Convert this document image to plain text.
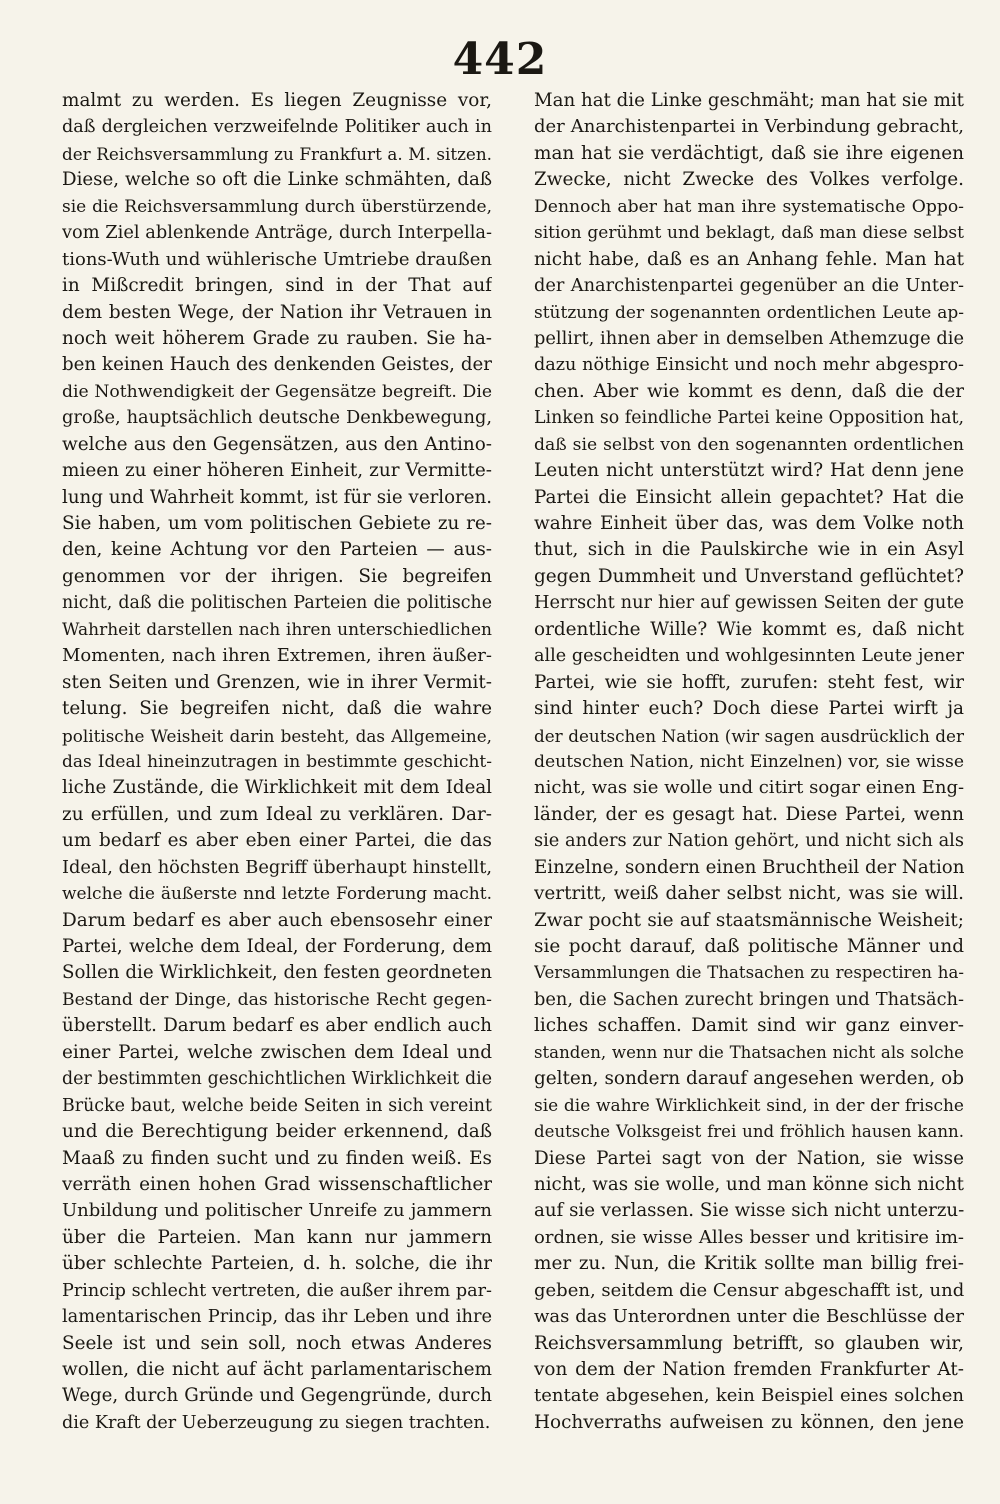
442
malmt zu werden. Es liegen Zeugnisse vor,
daß dergleichen verzweifelnde Politiker auch in
der Reichsversammlung zu Frankfurt a. M. sitzen.
Diese, welche so oft die Linke schmähten, daß
sie die Reichsversammlung durch überstürzende,
vom Ziel ablenkende Anträge, durch Interpella-
tions-Wuth und wühlerische Umtriebe draußen
in Mißcredit bringen, sind in der That auf
dem besten Wege, der Nation ihr Vetrauen in
noch weit höherem Grade zu rauben. Sie ha-
ben keinen Hauch des denkenden Geistes, der
die Nothwendigkeit der Gegensätze begreift. Die
große, hauptsächlich deutsche Denkbewegung,
welche aus den Gegensätzen, aus den Antino-
mieen zu einer höheren Einheit, zur Vermitte-
lung und Wahrheit kommt, ist für sie verloren.
Sie haben, um vom politischen Gebiete zu re-
den, keine Achtung vor den Parteien — aus-
genommen vor der ihrigen. Sie begreifen
nicht, daß die politischen Parteien die politische
Wahrheit darstellen nach ihren unterschiedlichen
Momenten, nach ihren Extremen, ihren äußer-
sten Seiten und Grenzen, wie in ihrer Vermit-
telung. Sie begreifen nicht, daß die wahre
politische Weisheit darin besteht, das Allgemeine,
das Ideal hineinzutragen in bestimmte geschicht-
liche Zustände, die Wirklichkeit mit dem Ideal
zu erfüllen, und zum Ideal zu verklären. Dar-
um bedarf es aber eben einer Partei, die das
Ideal, den höchsten Begriff überhaupt hinstellt,
welche die äußerste nnd letzte Forderung macht.
Darum bedarf es aber auch ebensosehr einer
Partei, welche dem Ideal, der Forderung, dem
Sollen die Wirklichkeit, den festen geordneten
Bestand der Dinge, das historische Recht gegen-
überstellt. Darum bedarf es aber endlich auch
einer Partei, welche zwischen dem Ideal und
der bestimmten geschichtlichen Wirklichkeit die
Brücke baut, welche beide Seiten in sich vereint
und die Berechtigung beider erkennend, daß
Maaß zu finden sucht und zu finden weiß. Es
verräth einen hohen Grad wissenschaftlicher
Unbildung und politischer Unreife zu jammern
über die Parteien. Man kann nur jammern
über schlechte Parteien, d. h. solche, die ihr
Princip schlecht vertreten, die außer ihrem par-
lamentarischen Princip, das ihr Leben und ihre
Seele ist und sein soll, noch etwas Anderes
wollen, die nicht auf ächt parlamentarischem
Wege, durch Gründe und Gegengründe, durch
die Kraft der Ueberzeugung zu siegen trachten.
Man hat die Linke geschmäht; man hat sie mit
der Anarchistenpartei in Verbindung gebracht,
man hat sie verdächtigt, daß sie ihre eigenen
Zwecke, nicht Zwecke des Volkes verfolge.
Dennoch aber hat man ihre systematische Oppo-
sition gerühmt und beklagt, daß man diese selbst
nicht habe, daß es an Anhang fehle. Man hat
der Anarchistenpartei gegenüber an die Unter-
stützung der sogenannten ordentlichen Leute ap-
pellirt, ihnen aber in demselben Athemzuge die
dazu nöthige Einsicht und noch mehr abgespro-
chen. Aber wie kommt es denn, daß die der
Linken so feindliche Partei keine Opposition hat,
daß sie selbst von den sogenannten ordentlichen
Leuten nicht unterstützt wird? Hat denn jene
Partei die Einsicht allein gepachtet? Hat die
wahre Einheit über das, was dem Volke noth
thut, sich in die Paulskirche wie in ein Asyl
gegen Dummheit und Unverstand geflüchtet?
Herrscht nur hier auf gewissen Seiten der gute
ordentliche Wille? Wie kommt es, daß nicht
alle gescheidten und wohlgesinnten Leute jener
Partei, wie sie hofft, zurufen: steht fest, wir
sind hinter euch? Doch diese Partei wirft ja
der deutschen Nation (wir sagen ausdrücklich der
deutschen Nation, nicht Einzelnen) vor, sie wisse
nicht, was sie wolle und citirt sogar einen Eng-
länder, der es gesagt hat. Diese Partei, wenn
sie anders zur Nation gehört, und nicht sich als
Einzelne, sondern einen Bruchtheil der Nation
vertritt, weiß daher selbst nicht, was sie will.
Zwar pocht sie auf staatsmännische Weisheit;
sie pocht darauf, daß politische Männer und
Versammlungen die Thatsachen zu respectiren ha-
ben, die Sachen zurecht bringen und Thatsäch-
liches schaffen. Damit sind wir ganz einver-
standen, wenn nur die Thatsachen nicht als solche
gelten, sondern darauf angesehen werden, ob
sie die wahre Wirklichkeit sind, in der der frische
deutsche Volksgeist frei und fröhlich hausen kann.
Diese Partei sagt von der Nation, sie wisse
nicht, was sie wolle, und man könne sich nicht
auf sie verlassen. Sie wisse sich nicht unterzu-
ordnen, sie wisse Alles besser und kritisire im-
mer zu. Nun, die Kritik sollte man billig frei-
geben, seitdem die Censur abgeschafft ist, und
was das Unterordnen unter die Beschlüsse der
Reichsversammlung betrifft, so glauben wir,
von dem der Nation fremden Frankfurter At-
tentate abgesehen, kein Beispiel eines solchen
Hochverraths aufweisen zu können, den jene
